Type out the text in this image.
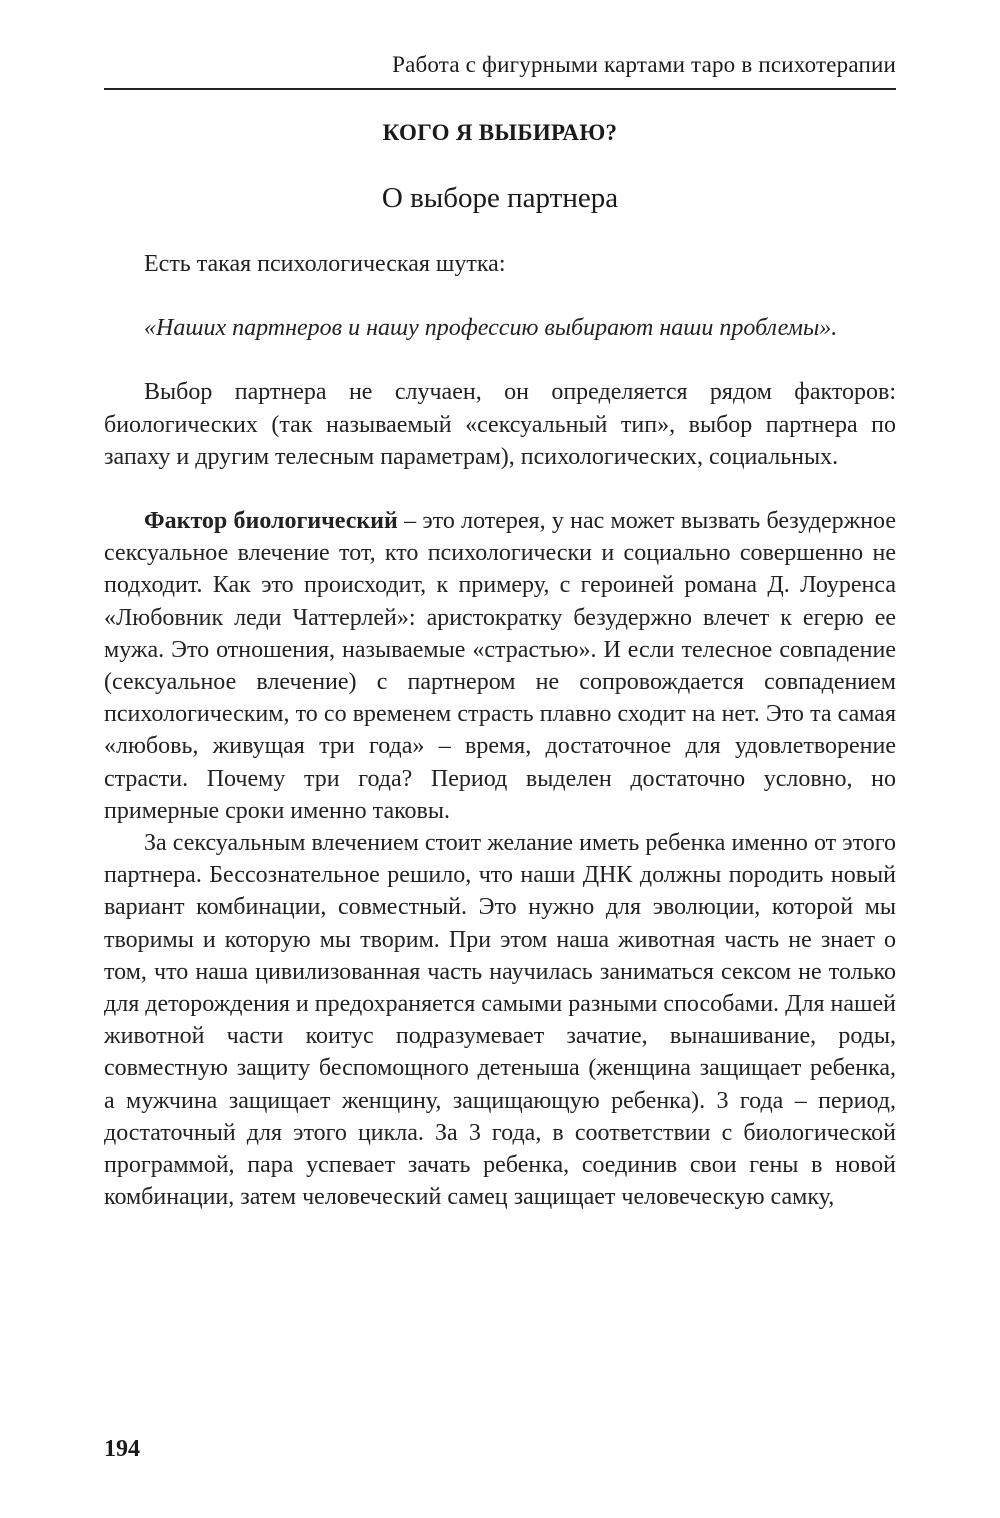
Работа с фигурными картами таро в психотерапии
КОГО Я ВЫБИРАЮ?
О выборе партнера

Есть такая психологическая шутка:

«Наших партнеров и нашу профессию выбирают наши проблемы».

Выбор партнера не случаен, он определяется рядом факторов: биологических (так называемый «сексуальный тип», выбор партнера по запаху и другим телесным параметрам), психологических, социальных.

Фактор биологический – это лотерея, у нас может вызвать безудержное сексуальное влечение тот, кто психологически и социально совершенно не подходит. Как это происходит, к примеру, с героиней романа Д. Лоуренса «Любовник леди Чаттерлей»: аристократку безудержно влечет к егерю ее мужа. Это отношения, называемые «страстью». И если телесное совпадение (сексуальное влечение) с партнером не сопровождается совпадением психологическим, то со временем страсть плавно сходит на нет. Это та самая «любовь, живущая три года» – время, достаточное для удовлетворение страсти. Почему три года? Период выделен достаточно условно, но примерные сроки именно таковы.

За сексуальным влечением стоит желание иметь ребенка именно от этого партнера. Бессознательное решило, что наши ДНК должны породить новый вариант комбинации, совместный. Это нужно для эволюции, которой мы творимы и которую мы творим. При этом наша животная часть не знает о том, что наша цивилизованная часть научилась заниматься сексом не только для деторождения и предохраняется самыми разными способами. Для нашей животной части коитус подразумевает зачатие, вынашивание, роды, совместную защиту беспомощного детеныша (женщина защищает ребенка, а мужчина защищает женщину, защищающую ребенка). 3 года – период, достаточный для этого цикла. За 3 года, в соответствии с биологической программой, пара успевает зачать ребенка, соединив свои гены в новой комбинации, затем человеческий самец защищает человеческую самку,

194
